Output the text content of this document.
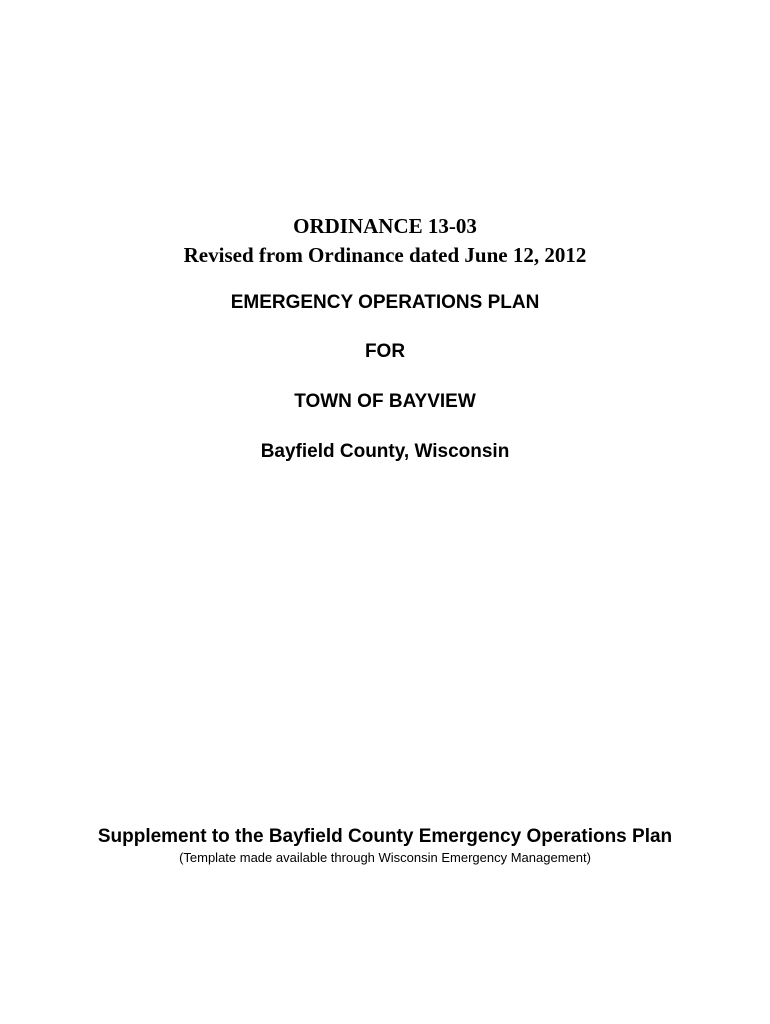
ORDINANCE 13-03

Revised from Ordinance dated June 12, 2012

EMERGENCY OPERATIONS PLAN

FOR

TOWN OF BAYVIEW

Bayfield County, Wisconsin

Supplement to the Bayfield County Emergency Operations Plan

(Template made available through Wisconsin Emergency Management)
